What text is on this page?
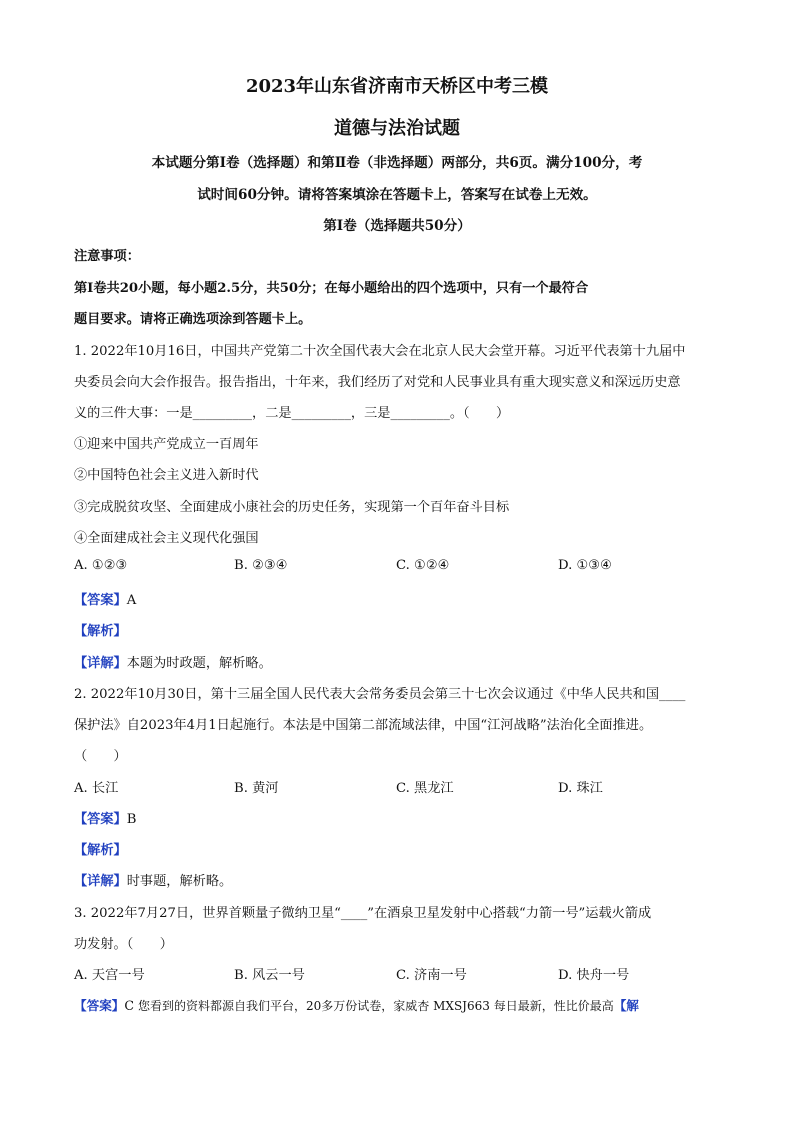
2023年山东省济南市天桥区中考三模
道德与法治试题
本试题分第Ⅰ卷（选择题）和第Ⅱ卷（非选择题）两部分，共6页。满分100分，考
试时间60分钟。请将答案填涂在答题卡上，答案写在试卷上无效。
第Ⅰ卷（选择题共50分）
注意事项：
第Ⅰ卷共20小题，每小题2.5分，共50分；在每小题给出的四个选项中，只有一个最符合
题目要求。请将正确选项涂到答题卡上。
1. 2022年10月16日，中国共产党第二十次全国代表大会在北京人民大会堂开幕。习近平代表第十九届中
央委员会向大会作报告。报告指出，十年来，我们经历了对党和人民事业具有重大现实意义和深远历史意
义的三件大事：一是_________，二是_________，三是_________。（　　）
①迎来中国共产党成立一百周年
②中国特色社会主义进入新时代
③完成脱贫攻坚、全面建成小康社会的历史任务，实现第一个百年奋斗目标
④全面建成社会主义现代化强国
A. ①②③	B. ②③④	C. ①②④	D. ①③④
【答案】A
【解析】
【详解】本题为时政题，解析略。
2. 2022年10月30日，第十三届全国人民代表大会常务委员会第三十七次会议通过《中华人民共和国____
保护法》自2023年4月1日起施行。本法是中国第二部流域法律，中国“江河战略”法治化全面推进。
（　　）
A. 长江	B. 黄河	C. 黑龙江	D. 珠江
【答案】B
【解析】
【详解】时事题，解析略。
3. 2022年7月27日，世界首颗量子微纳卫星“____”在酒泉卫星发射中心搭载“力箭一号”运载火箭成
功发射。（　　）
A. 天宫一号	B. 风云一号	C. 济南一号	D. 快舟一号
【答案】C 您看到的资料都源自我们平台，20多万份试卷，家威杏 MXSJ663 每日最新，性比价最高【解
